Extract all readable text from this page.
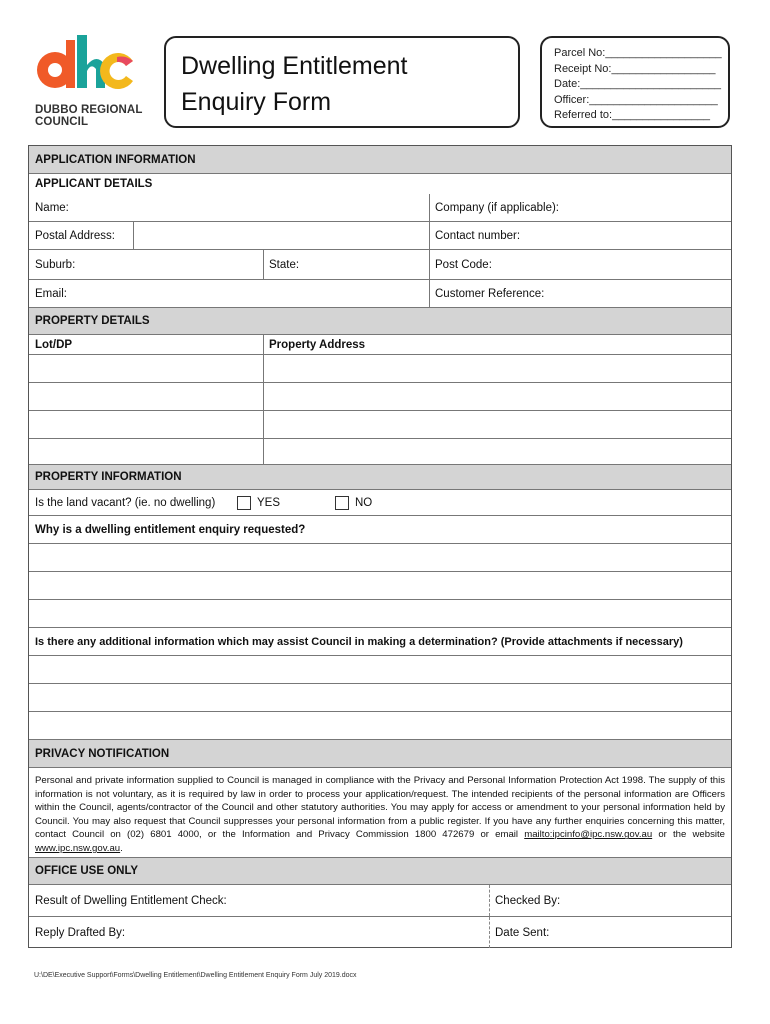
DUBBO REGIONAL
COUNCIL
Dwelling Entitlement
Enquiry Form
Parcel No:___________________
Receipt No:_________________
Date:_______________________
Officer:_____________________
Referred to:________________
APPLICATION INFORMATION
APPLICANT DETAILS
Name:	Company (if applicable):
Postal Address:	Contact number:
Suburb:	State:	Post Code:
Email:	Customer Reference:
PROPERTY DETAILS
Lot/DP	Property Address
PROPERTY INFORMATION
Is the land vacant? (ie. no dwelling)	YES	NO
Why is a dwelling entitlement enquiry requested?
Is there any additional information which may assist Council in making a determination? (Provide attachments if necessary)
PRIVACY NOTIFICATION
Personal and private information supplied to Council is managed in compliance with the Privacy and Personal Information Protection Act 1998. The supply of this information is not voluntary, as it is required by law in order to process your application/request. The intended recipients of the personal information are Officers within the Council, agents/contractor of the Council and other statutory authorities. You may apply for access or amendment to your personal information held by Council. You may also request that Council suppresses your personal information from a public register. If you have any further enquiries concerning this matter, contact Council on (02) 6801 4000, or the Information and Privacy Commission 1800 472679 or email mailto:ipcinfo@ipc.nsw.gov.au or the website www.ipc.nsw.gov.au.
OFFICE USE ONLY
Result of Dwelling Entitlement Check:	Checked By:
Reply Drafted By:	Date Sent:
U:\DE\Executive Support\Forms\Dwelling Entitlement\Dwelling Entitlement Enquiry Form July 2019.docx
